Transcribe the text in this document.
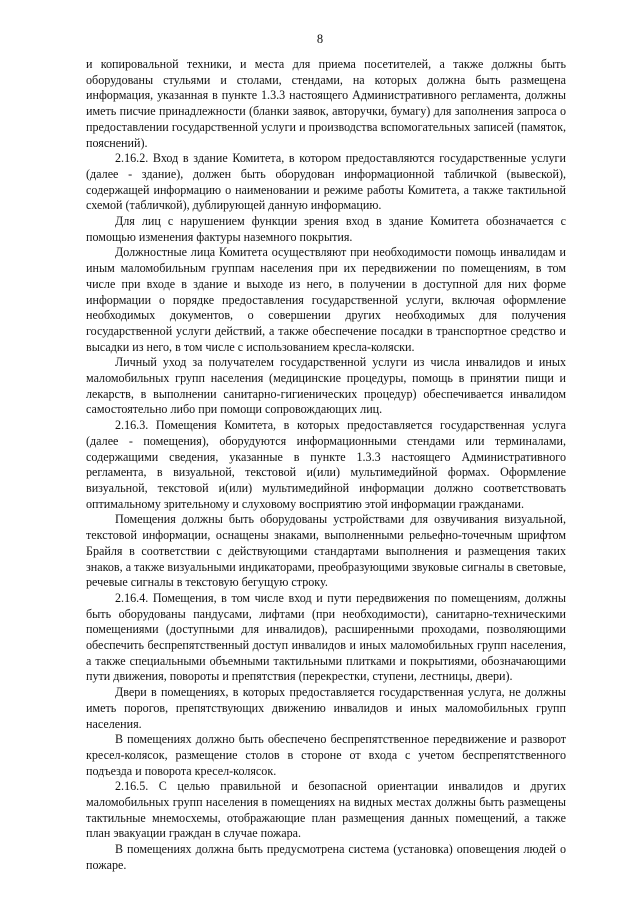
8

и копировальной техники, и места для приема посетителей, а также должны быть оборудованы стульями и столами, стендами, на которых должна быть размещена информация, указанная в пункте 1.3.3 настоящего Административного регламента, должны иметь писчие принадлежности (бланки заявок, авторучки, бумагу) для заполнения запроса о предоставлении государственной услуги и производства вспомогательных записей (памяток, пояснений).

2.16.2. Вход в здание Комитета, в котором предоставляются государственные услуги (далее - здание), должен быть оборудован информационной табличкой (вывеской), содержащей информацию о наименовании и режиме работы Комитета, а также тактильной схемой (табличкой), дублирующей данную информацию.

Для лиц с нарушением функции зрения вход в здание Комитета обозначается с помощью изменения фактуры наземного покрытия.

Должностные лица Комитета осуществляют при необходимости помощь инвалидам и иным маломобильным группам населения при их передвижении по помещениям, в том числе при входе в здание и выходе из него, в получении в доступной для них форме информации о порядке предоставления государственной услуги, включая оформление необходимых документов, о совершении других необходимых для получения государственной услуги действий, а также обеспечение посадки в транспортное средство и высадки из него, в том числе с использованием кресла-коляски.

Личный уход за получателем государственной услуги из числа инвалидов и иных маломобильных групп населения (медицинские процедуры, помощь в принятии пищи и лекарств, в выполнении санитарно-гигиенических процедур) обеспечивается инвалидом самостоятельно либо при помощи сопровождающих лиц.

2.16.3. Помещения Комитета, в которых предоставляется государственная услуга (далее - помещения), оборудуются информационными стендами или терминалами, содержащими сведения, указанные в пункте 1.3.3 настоящего Административного регламента, в визуальной, текстовой и(или) мультимедийной формах. Оформление визуальной, текстовой и(или) мультимедийной информации должно соответствовать оптимальному зрительному и слуховому восприятию этой информации гражданами.

Помещения должны быть оборудованы устройствами для озвучивания визуальной, текстовой информации, оснащены знаками, выполненными рельефно-точечным шрифтом Брайля в соответствии с действующими стандартами выполнения и размещения таких знаков, а также визуальными индикаторами, преобразующими звуковые сигналы в световые, речевые сигналы в текстовую бегущую строку.

2.16.4. Помещения, в том числе вход и пути передвижения по помещениям, должны быть оборудованы пандусами, лифтами (при необходимости), санитарно-техническими помещениями (доступными для инвалидов), расширенными проходами, позволяющими обеспечить беспрепятственный доступ инвалидов и иных маломобильных групп населения, а также специальными объемными тактильными плитками и покрытиями, обозначающими пути движения, повороты и препятствия (перекрестки, ступени, лестницы, двери).

Двери в помещениях, в которых предоставляется государственная услуга, не должны иметь порогов, препятствующих движению инвалидов и иных маломобильных групп населения.

В помещениях должно быть обеспечено беспрепятственное передвижение и разворот кресел-колясок, размещение столов в стороне от входа с учетом беспрепятственного подъезда и поворота кресел-колясок.

2.16.5. С целью правильной и безопасной ориентации инвалидов и других маломобильных групп населения в помещениях на видных местах должны быть размещены тактильные мнемосхемы, отображающие план размещения данных помещений, а также план эвакуации граждан в случае пожара.

В помещениях должна быть предусмотрена система (установка) оповещения людей о пожаре.
